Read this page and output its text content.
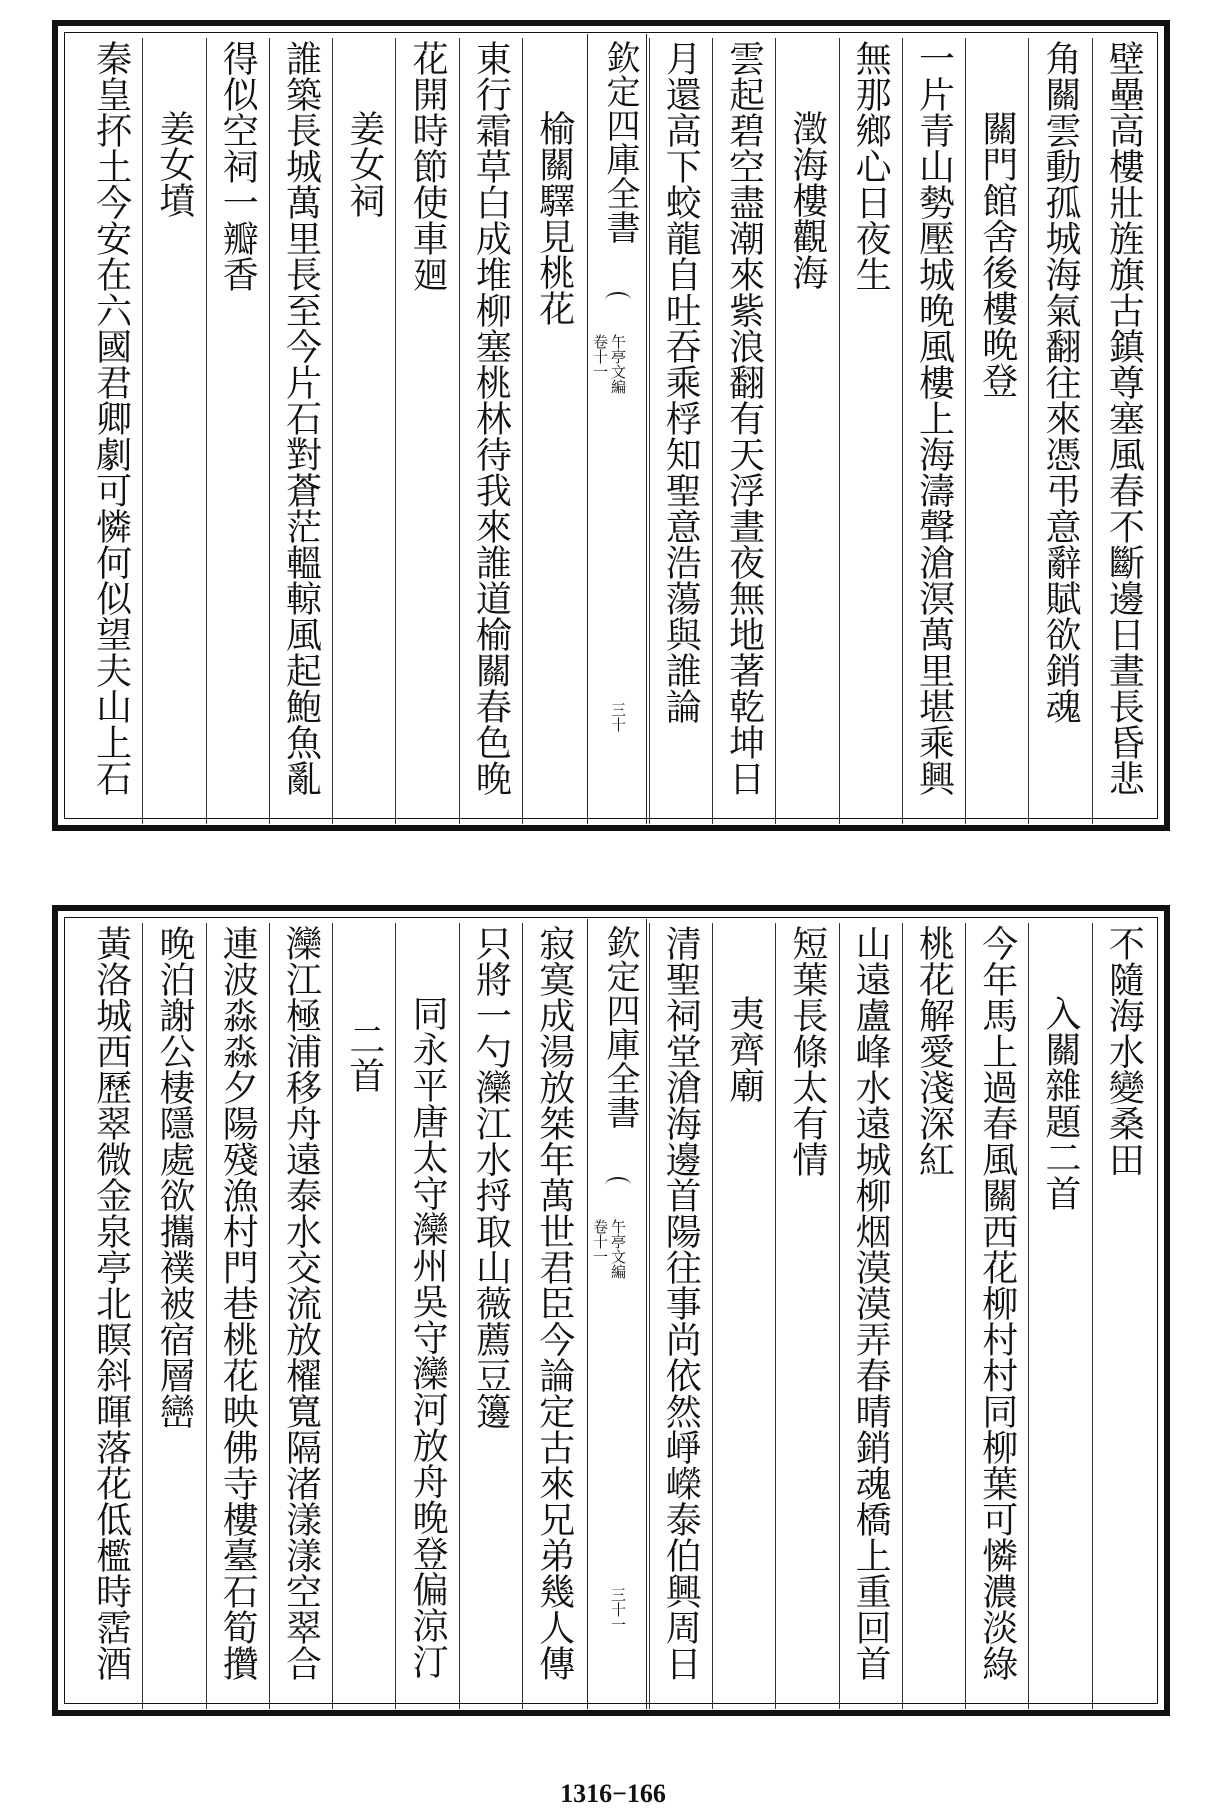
壁壘高樓壯旌旗古鎮尊塞風春不斷邊日晝長昏悲
角關雲動孤城海氣翻往來憑弔意辭賦欲銷魂
關門館舍後樓晚登
一片青山勢壓城晚風樓上海濤聲滄溟萬里堪乘興
無那鄉心日夜生
澂海樓觀海
雲起碧空盡潮來紫浪翻有天浮晝夜無地著乾坤日
月還高下蛟龍自吐吞乘桴知聖意浩蕩與誰論
欽定四庫全書
午亭文編
卷十一
三十
榆關驛見桃花
東行霜草白成堆柳塞桃林待我來誰道榆關春色晚
花開時節使車廻
姜女祠
誰築長城萬里長至今片石對蒼茫轀輬風起鮑魚亂
得似空祠一瓣香
姜女墳
秦皇抔土今安在六國君卿劇可憐何似望夫山上石
不隨海水變桑田
入關雜題二首
今年馬上過春風關西花柳村村同柳葉可憐濃淡綠
桃花解愛淺深紅
山遠盧峰水遠城柳烟漠漠弄春晴銷魂橋上重回首
短葉長條太有情
夷齊廟
清聖祠堂滄海邊首陽往事尚依然崢嶸泰伯興周日
欽定四庫全書
午亭文編
卷十一
三十一
寂寞成湯放桀年萬世君臣今論定古來兄弟幾人傳
只將一勺灤江水捋取山薇薦豆籩
同永平唐太守灤州吳守灤河放舟晚登偏涼汀
二首
灤江極浦移舟遠泰水交流放櫂寬隔渚漾漾空翠合
連波淼淼夕陽殘漁村門巷桃花映佛寺樓臺石筍攢
晚泊謝公棲隱處欲攜襆被宿層巒
黃洛城西歷翠微金泉亭北瞑斜暉落花低檻時霑酒
1316−166
